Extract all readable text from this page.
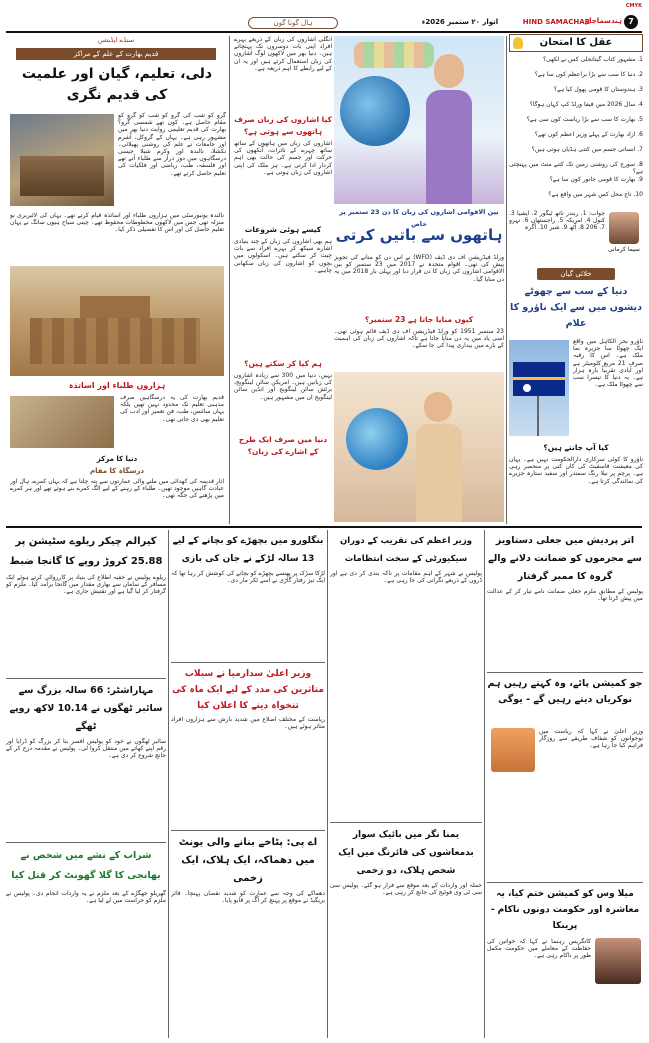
ہال گونا گون	اتوار ۲۰ ستمبر 2026ء	HIND SAMACHAR
ہندسماچار 7
CMYK
سنڈے ایڈیشن
قدیم بھارت کے علم کے مراکز
دلی، تعلیم، گیان اور علمیت کی قدیم نگری
گرو کو شب کی گرو کو شب کو گرو کو مقام حاصل ہے۔ کون تھے شمسی گرو؟ بھارت کی قدیم تعلیمی روایت دنیا بھر میں مشہور رہی ہے۔ یہاں کے گروکل، آشرم اور جامعات نے علم کی روشنی پھیلائی۔ تکشلا، نالندہ اور وکرم شیلا جیسی درسگاہوں میں دور دراز سے طلباء آتے تھے اور فلسفہ، طب، ریاضی اور فلکیات کی تعلیم حاصل کرتے تھے۔
نالندہ یونیورسٹی میں ہزاروں طلباء اور اساتذہ قیام کرتے تھے۔ یہاں کی لائبریری نو منزلہ تھی جس میں لاکھوں مخطوطات محفوظ تھے۔ چینی سیاح ہیون سانگ نے یہاں تعلیم حاصل کی اور اس کا تفصیلی ذکر کیا۔
ہزاروں طلباء اور اساتذہ
قدیم بھارت کی یہ درسگاہیں صرف مذہبی تعلیم تک محدود نہیں تھیں بلکہ یہاں سائنس، طب، فن تعمیر اور ادب کی تعلیم بھی دی جاتی تھی۔
دنیا کا مرکز
درسگاہ کا مقام
آثار قدیمہ کی کھدائی میں ملنے والی عمارتوں سے پتہ چلتا ہے کہ یہاں کمرے، ہال اور عبادت گاہیں موجود تھیں۔ طلباء کے رہنے کے لیے الگ کمرے بنے ہوئے تھے اور ہر کمرے میں پڑھنے کی جگہ تھی۔
انگلی اشاروں کی زبان کے ذریعے بہرے افراد اپنی بات دوسروں تک پہنچاتے ہیں۔ دنیا بھر میں لاکھوں لوگ اشاروں کی زبان استعمال کرتے ہیں اور یہ ان کے لیے رابطے کا اہم ذریعہ ہے۔
کیا اشاروں کی زبان صرف ہاتھوں سے ہوتی ہے؟
اشاروں کی زبان میں ہاتھوں کے ساتھ ساتھ چہرے کے تاثرات، آنکھوں کی حرکت اور جسم کی حالت بھی اہم کردار ادا کرتی ہے۔ ہر ملک کی اپنی اشاروں کی زبان ہوتی ہے۔
بین الاقوامی اشاروں کی زبان کا دن 23 ستمبر پر خاص
ہاتھوں سے باتیں کرتی
کیسے ہوئی شروعات
ہم بھی اشاروں کی زبان کے چند بنیادی اشارے سیکھ کر بہرے افراد سے بات چیت کر سکتے ہیں۔ اسکولوں میں بچوں کو اشاروں کی زبان سکھانی چاہیے۔
ورلڈ فیڈریشن آف دی ڈیف (WFD) نے اس دن کو منانے کی تجویز پیش کی تھی۔ اقوام متحدہ نے 2017 میں 23 ستمبر کو بین الاقوامی اشاروں کی زبان کا دن قرار دیا اور پہلی بار 2018 میں یہ دن منایا گیا۔
کیوں منایا جاتا ہے 23 ستمبر؟
23 ستمبر 1951 کو ورلڈ فیڈریشن آف دی ڈیف قائم ہوئی تھی۔ اسی یاد میں یہ دن منایا جاتا ہے تاکہ اشاروں کی زبان کی اہمیت کے بارے میں بیداری پیدا کی جا سکے۔
ہم کیا کر سکتے ہیں؟
نہیں، دنیا میں 300 سے زیادہ اشاروں کی زبانیں ہیں۔ امریکن سائن لینگویج، برٹش سائن لینگویج اور انڈین سائن لینگویج ان میں مشہور ہیں۔
دنیا میں صرف ایک طرح کے اشارے کی زبان؟
عقل کا امتحان
1. مشہور کتاب گیتانجلی کس نے لکھی؟
2. دنیا کا سب سے بڑا براعظم کون سا ہے؟
3. ہندوستان کا قومی پھول کیا ہے؟
4. سال 2026 میں فیفا ورلڈ کپ کہاں ہوگا؟
5. بھارت کا سب سے بڑا ریاست کون سی ہے؟
6. آزاد بھارت کے پہلے وزیر اعظم کون تھے؟
7. انسانی جسم میں کتنی ہڈیاں ہوتی ہیں؟
8. سورج کی روشنی زمین تک کتنے منٹ میں پہنچتی ہے؟
9. بھارت کا قومی جانور کون سا ہے؟
10. تاج محل کس شہر میں واقع ہے؟
جواب: 1. ربندر ناتھ ٹیگور 2. ایشیا 3. کنول 4. امریکہ 5. راجستھان 6. نہرو 7. 206 8. آٹھ 9. شیر 10. آگرہ
سیما کرمانی
خلائی گیان
دنیا کے سب سے چھوٹے دیشوں میں سے ایک ناؤرو کا علام
ناؤرو بحر الکاہل میں واقع ایک چھوٹا سا جزیرہ نما ملک ہے۔ اس کا رقبہ صرف 21 مربع کلومیٹر ہے اور آبادی تقریباً بارہ ہزار ہے۔ یہ دنیا کا تیسرا سب سے چھوٹا ملک ہے۔
کیا آپ جانتے ہیں؟
ناؤرو کا کوئی سرکاری دارالحکومت نہیں ہے۔ یہاں کی معیشت فاسفیٹ کی کان کنی پر منحصر رہی ہے۔ پرچم پر نیلا رنگ سمندر اور سفید ستارہ جزیرے کی نمائندگی کرتا ہے۔
کیرالم چیکر ریلوے سٹیشن پر 25.88 کروڑ روپے کا گانجا ضبط
ریلوے پولیس نے خفیہ اطلاع کی بنیاد پر کارروائی کرتے ہوئے ایک مسافر کے سامان سے بھاری مقدار میں گانجا برآمد کیا۔ ملزم کو گرفتار کر لیا گیا ہے اور تفتیش جاری ہے۔
مہاراشٹر: 66 سالہ بزرگ سے سائبر ٹھگوں نے 10.14 لاکھ روپے ٹھگے
سائبر ٹھگوں نے خود کو پولیس افسر بتا کر بزرگ کو ڈرایا اور رقم اپنے کھاتے میں منتقل کروا لی۔ پولیس نے مقدمہ درج کر کے جانچ شروع کر دی ہے۔
شراب کے نشے میں شخص نے بھانجی کا گلا گھونٹ کر قتل کیا
گھریلو جھگڑے کے بعد ملزم نے یہ واردات انجام دی۔ پولیس نے ملزم کو حراست میں لے لیا ہے۔
بنگلورو میں بچھڑے کو بچانے کے لیے 13 سالہ لڑکے نے جان کی بازی
لڑکا سڑک پر پھنسے بچھڑے کو بچانے کی کوشش کر رہا تھا کہ ایک تیز رفتار گاڑی نے اسے ٹکر مار دی۔
وزیر اعلیٰ سدارمیا نے سیلاب متاثرین کی مدد کے لیے ایک ماہ کی تنخواہ دینے کا اعلان کیا
ریاست کے مختلف اضلاع میں شدید بارش سے ہزاروں افراد متاثر ہوئے ہیں۔
اے پی: پٹاخے بنانے والی یونٹ میں دھماکہ، ایک ہلاک، ایک زخمی
دھماکے کی وجہ سے عمارت کو شدید نقصان پہنچا۔ فائر بریگیڈ نے موقع پر پہنچ کر آگ پر قابو پایا۔
وزیر اعظم کی تقریب کے دوران سیکیورٹی کے سخت انتظامات
پولیس نے شہر کے اہم مقامات پر ناکہ بندی کر دی ہے اور ڈرون کے ذریعے نگرانی کی جا رہی ہے۔
یمنا نگر میں بائیک سوار بدمعاشوں کی فائرنگ میں ایک شخص ہلاک، دو زخمی
حملہ آور واردات کے بعد موقع سے فرار ہو گئے۔ پولیس سی سی ٹی وی فوٹیج کی جانچ کر رہی ہے۔
اتر پردیش میں جعلی دستاویز سے مجرموں کو ضمانت دلانے والے گروہ کا ممبر گرفتار
پولیس کے مطابق ملزم جعلی ضمانت نامے تیار کر کے عدالت میں پیش کرتا تھا۔
جو کمیشن پائے، وہ کہتے رہیں ہم نوکریاں دیتے رہیں گے - یوگی
وزیر اعلیٰ نے کہا کہ ریاست میں نوجوانوں کو شفاف طریقے سے روزگار فراہم کیا جا رہا ہے۔
میلا وس کو کمیشن ختم کیا، یہ معاشرہ اور حکومت دونوں ناکام - پرینکا
کانگریس رہنما نے کہا کہ خواتین کی حفاظت کے معاملے میں حکومت مکمل طور پر ناکام رہی ہے۔
